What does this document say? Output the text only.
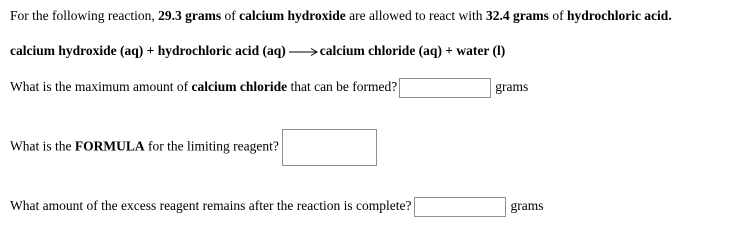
For the following reaction, 29.3 grams of calcium hydroxide are allowed to react with 32.4 grams of hydrochloric acid.
calcium hydroxide (aq) + hydrochloric acid (aq) →calcium chloride (aq) + water (l)
What is the maximum amount of calcium chloride that can be formed?	grams
What is the FORMULA for the limiting reagent?
What amount of the excess reagent remains after the reaction is complete?	grams
